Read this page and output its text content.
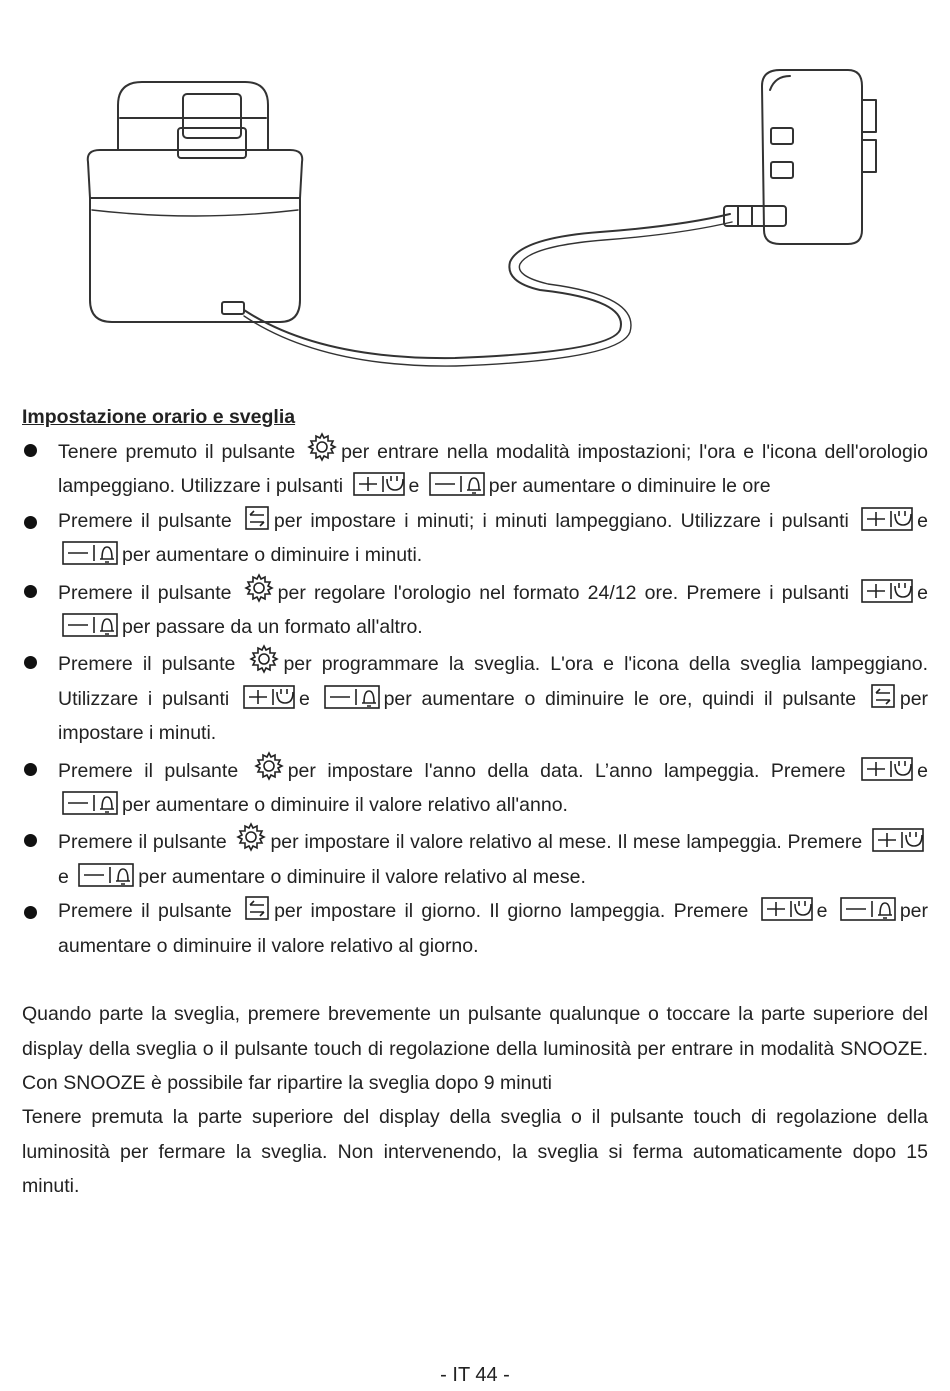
Impostazione orario e sveglia

Tenere premuto il pulsante per entrare nella modalità impostazioni; l'ora e l'icona dell'orologio lampeggiano. Utilizzare i pulsanti	e	per aumentare o diminuire le ore
Premere il pulsante per impostare i minuti; i minuti lampeggiano. Utilizzare i pulsanti	e
per aumentare o diminuire i minuti.
Premere il pulsante per regolare l'orologio nel formato 24/12 ore. Premere i pulsanti	e
per passare da un formato all'altro.
Premere il pulsante per programmare la sveglia. L'ora e l'icona della sveglia lampeggiano. Utilizzare i pulsanti	e	per aumentare o diminuire le ore, quindi il pulsante per impostare i minuti.
Premere il pulsante	per impostare l'anno della data. L’anno lampeggia. Premere	e
per aumentare o diminuire il valore relativo all'anno.
Premere il pulsante per impostare il valore relativo al mese. Il mese lampeggia. Premere
e	per aumentare o diminuire il valore relativo al mese.
Premere il pulsante per impostare il giorno. Il giorno lampeggia. Premere	e	per aumentare o diminuire il valore relativo al giorno.
Quando parte la sveglia, premere brevemente un pulsante qualunque o toccare la parte superiore del display della sveglia o il pulsante touch di regolazione della luminosità per entrare in modalità SNOOZE. Con SNOOZE è possibile far ripartire la sveglia dopo 9 minuti
Tenere premuta la parte superiore del display della sveglia o il pulsante touch di regolazione della luminosità per fermare la sveglia. Non intervenendo, la sveglia si ferma automaticamente dopo 15 minuti.
- IT 44 -
